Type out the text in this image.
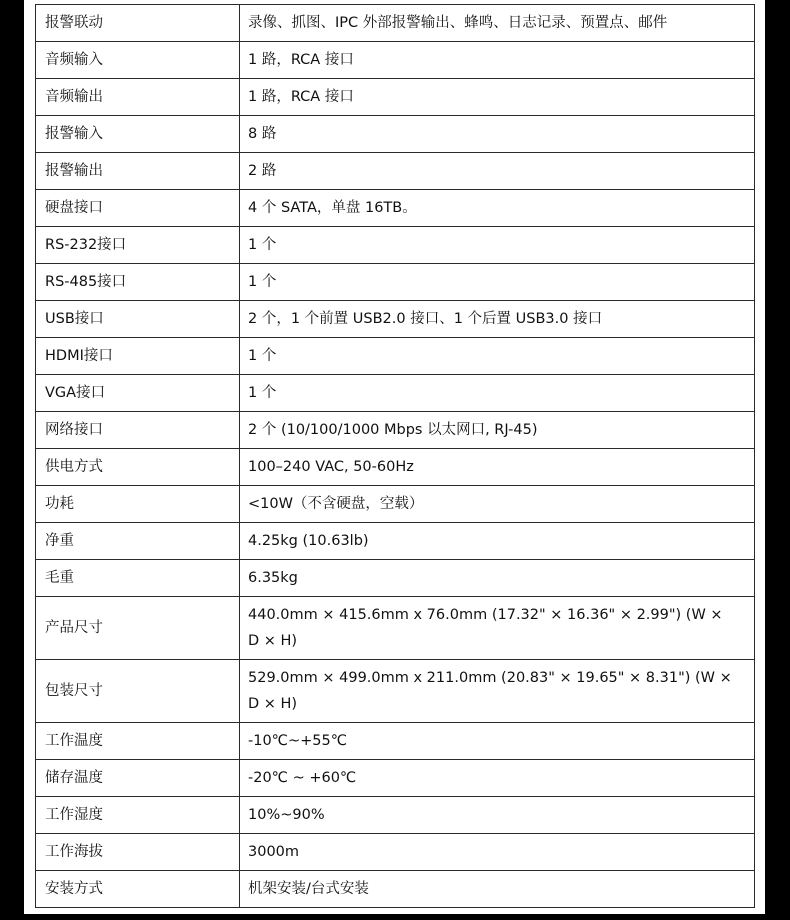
报警联动	录像、抓图、IPC 外部报警输出、蜂鸣、日志记录、预置点、邮件
音频输入	1 路，RCA 接口
音频输出	1 路，RCA 接口
报警输入	8 路
报警输出	2 路
硬盘接口	4 个 SATA，单盘 16TB。
RS-232接口	1 个
RS-485接口	1 个
USB接口	2 个，1 个前置 USB2.0 接口、1 个后置 USB3.0 接口
HDMI接口	1 个
VGA接口	1 个
网络接口	2 个 (10/100/1000 Mbps 以太网口, RJ-45)
供电方式	100–240 VAC, 50-60Hz
功耗	<10W（不含硬盘，空载）
净重	4.25kg (10.63lb)
毛重	6.35kg
产品尺寸	440.0mm × 415.6mm x 76.0mm (17.32" × 16.36" × 2.99") (W × D × H)
包装尺寸	529.0mm × 499.0mm x 211.0mm (20.83" × 19.65" × 8.31") (W × D × H)
工作温度	-10℃~+55℃
储存温度	-20℃ ~ +60℃
工作湿度	10%~90%
工作海拔	3000m
安装方式	机架安装/台式安装
